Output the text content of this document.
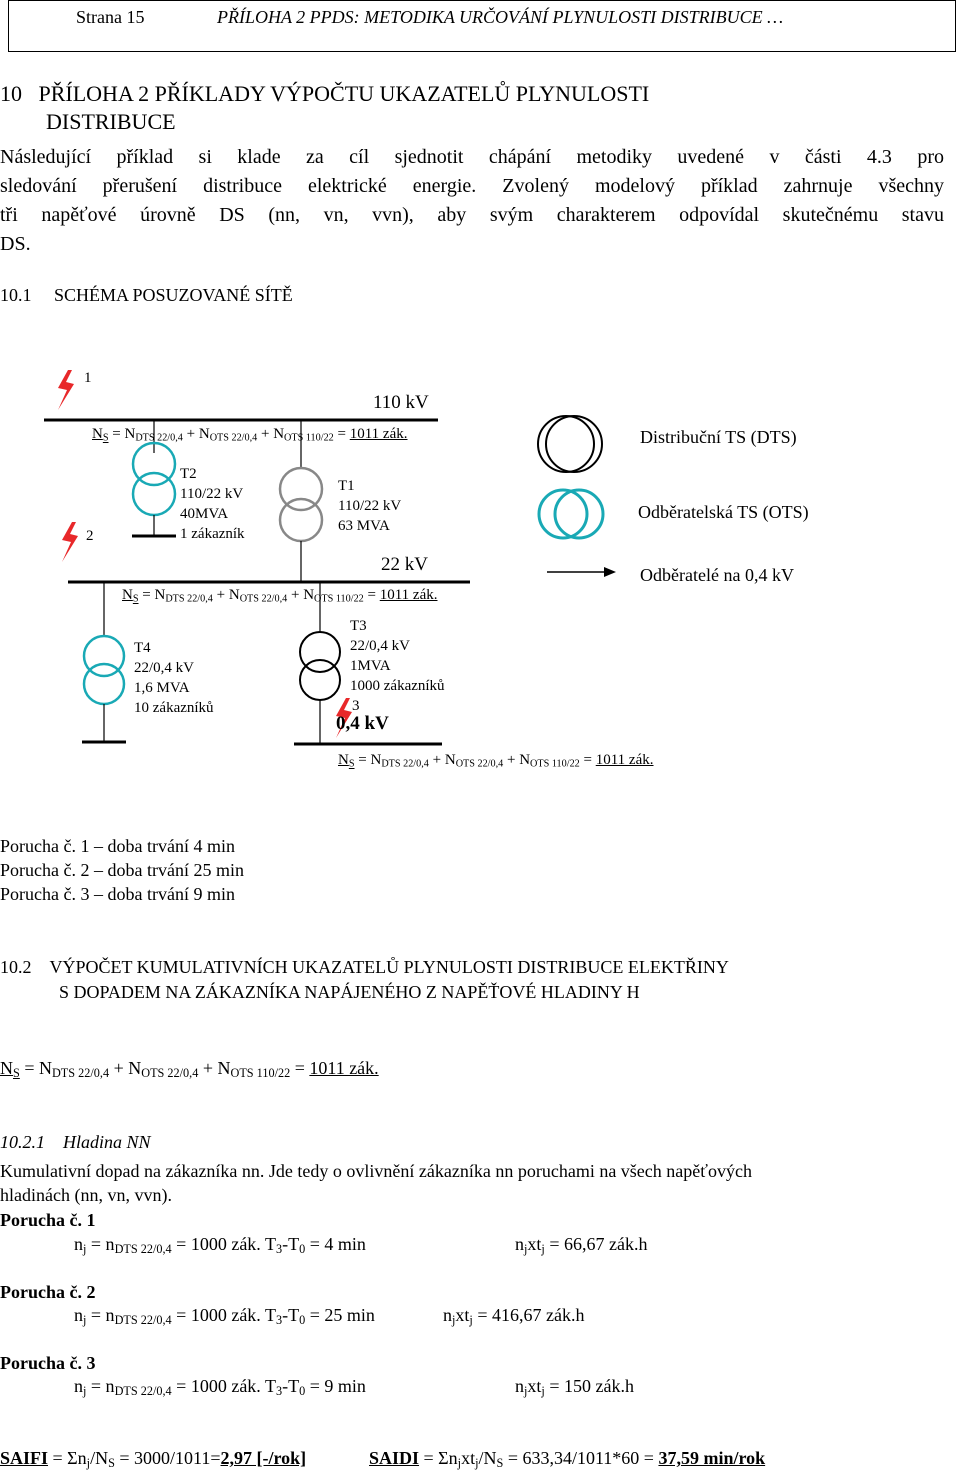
Strana 15	PŘÍLOHA 2 PPDS: METODIKA URČOVÁNÍ PLYNULOSTI DISTRIBUCE …
10 PŘÍLOHA 2 PŘÍKLADY VÝPOČTU UKAZATELŮ PLYNULOSTI
DISTRIBUCE
Následující příklad si klade za cíl sjednotit chápání metodiky uvedené v části 4.3 pro
sledování přerušení distribuce elektrické energie. Zvolený modelový příklad zahrnuje všechny
tři napěťové úrovně DS (nn, vn, vvn), aby svým charakterem odpovídal skutečnému stavu
DS.
10.1 SCHÉMA POSUZOVANÉ SÍTĚ
1
2
3
110 kV
22 kV
0,4 kV
$N_S = N_{DTS 22/0,4} + N_{OTS 22/0,4} + N_{OTS 110/22} = 1011$ zák.
$N_S = N_{DTS 22/0,4} + N_{OTS 22/0,4} + N_{OTS 110/22} = 1011$ zák.
$N_S = N_{DTS 22/0,4} + N_{OTS 22/0,4} + N_{OTS 110/22} = 1011$ zák.
T2
110/22 kV
40MVA
1 zákazník
T1
110/22 kV
63 MVA
T4
22/0,4 kV
1,6 MVA
10 zákazníků
T3
22/0,4 kV
1MVA
1000 zákazníků
Distribuční TS (DTS)
Odběratelská TS (OTS)
Odběratelé na 0,4 kV
Porucha č. 1 – doba trvání 4 min
Porucha č. 2 – doba trvání 25 min
Porucha č. 3 – doba trvání 9 min
10.2 VÝPOČET KUMULATIVNÍCH UKAZATELŮ PLYNULOSTI DISTRIBUCE ELEKTŘINY
S DOPADEM NA ZÁKAZNÍKA NAPÁJENÉHO Z NAPĚŤOVÉ HLADINY H
$N_S = N_{DTS 22/0,4} + N_{OTS 22/0,4} + N_{OTS 110/22} = 1011$ zák.
10.2.1 Hladina NN
Kumulativní dopad na zákazníka nn. Jde tedy o ovlivnění zákazníka nn poruchami na všech napěťových
hladinách (nn, vn, vvn).
Porucha č. 1
$n_j = n_{DTS 22/0,4} = 1000$ zák. $T_3-T_0 = 4$ min	$n_jxt_j = 66,67$ zák.h
Porucha č. 2
$n_j = n_{DTS 22/0,4} = 1000$ zák. $T_3-T_0 = 25$ min	$n_jxt_j = 416,67$ zák.h
Porucha č. 3
$n_j = n_{DTS 22/0,4} = 1000$ zák. $T_3-T_0 = 9$ min	$n_jxt_j = 150$ zák.h
SAIFI = $\Sigma n_j/N_S = 3000/1011=2,97$ [-/rok]	SAIDI = $\Sigma n_jxt_j/N_S = 633,34/1011*60 = 37,59$ min/rok
